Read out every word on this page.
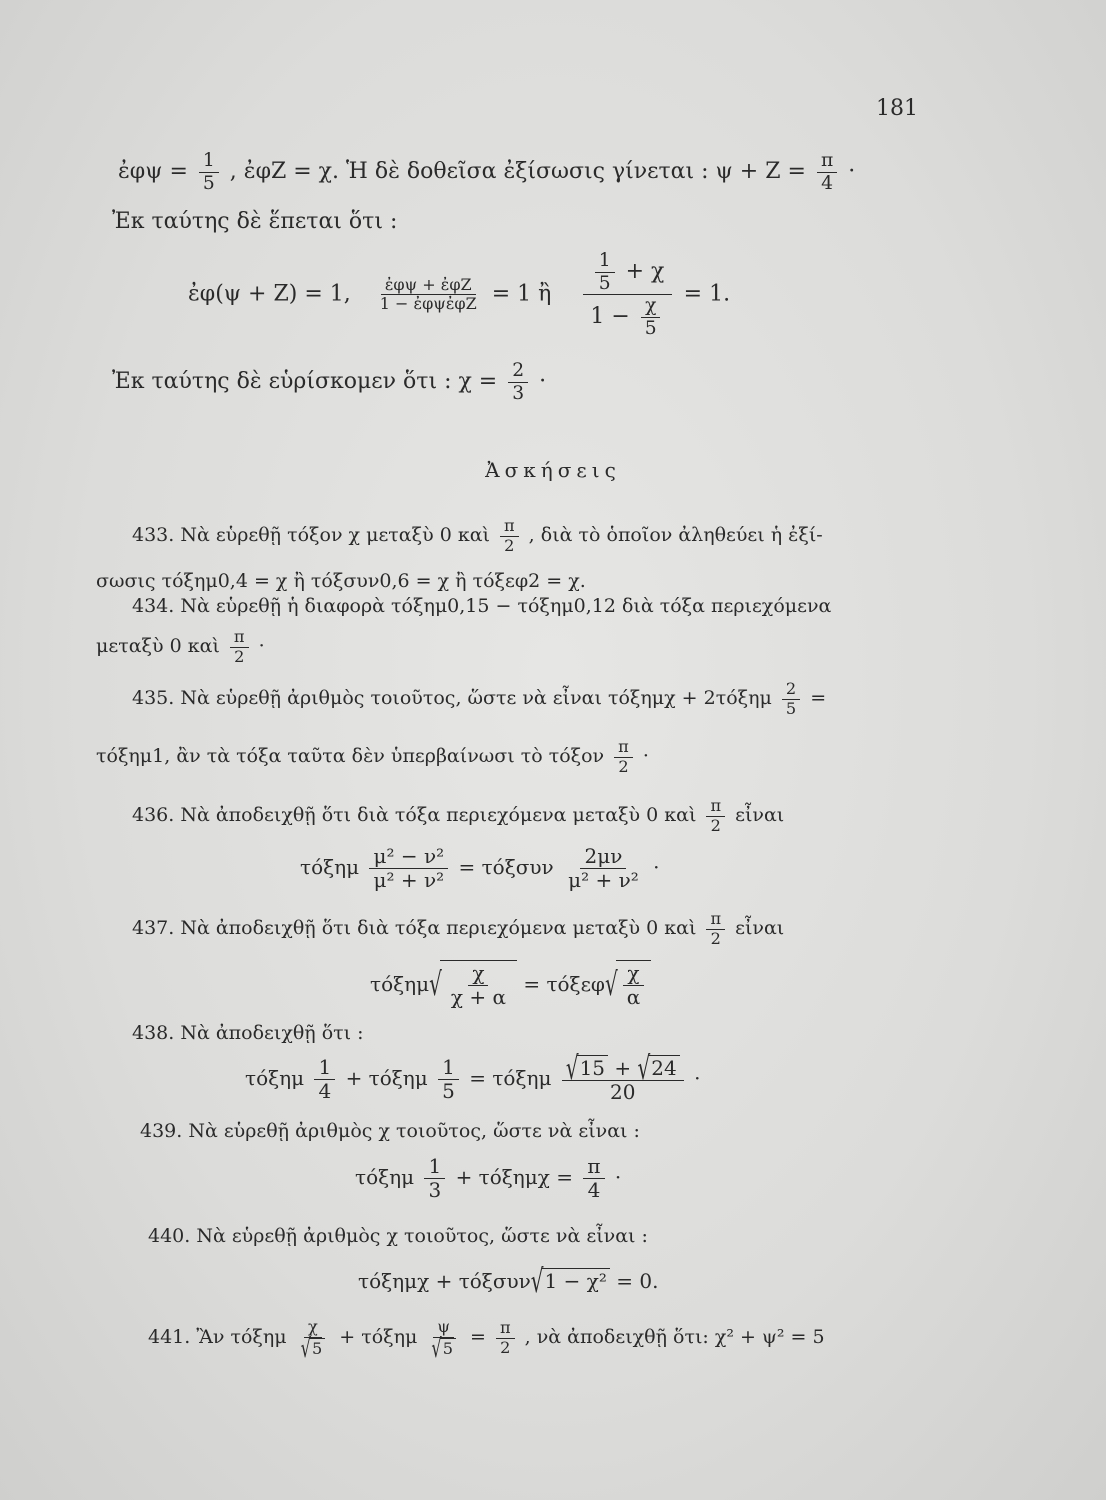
181
ἐφψ = $\frac{1}{5}$ , ἐφΖ = χ. Ἡ δὲ δοθεῖσα ἐξίσωσις γίνεται : $\psi + Z = \frac{\pi}{4}$ ·
Ἐκ ταύτης δὲ ἕπεται ὅτι :
ἐφ(ψ + Ζ) = 1, $\frac{\text{ἐφψ + ἐφΖ}}{\text{1 − ἐφψἐφΖ}} = 1$ ἢ $\frac{\frac{1}{5} + \chi}{1 - \frac{\chi}{5}} = 1$.
Ἐκ ταύτης δὲ εὑρίσκομεν ὅτι : $\chi = \frac{2}{3}$ ·
Ἀσκήσεις
433. Νὰ εὑρεθῇ τόξον χ μεταξὺ 0 καὶ $\frac{\pi}{2}$ , διὰ τὸ ὁποῖον ἀληθεύει ἡ ἐξί-
σωσις τόξημ0,4 = χ ἢ τόξσυν0,6 = χ ἢ τόξεφ2 = χ.
434. Νὰ εὑρεθῇ ἡ διαφορὰ τόξημ0,15 − τόξημ0,12 διὰ τόξα περιεχόμενα
μεταξὺ 0 καὶ $\frac{\pi}{2}$ ·
435. Νὰ εὑρεθῇ ἀριθμὸς τοιοῦτος, ὥστε νὰ εἶναι $\tau ό\xi\eta\mu\chi + 2\tau ό\xi\eta\mu \frac{2}{5}$ =
τόξημ1, ἂν τὰ τόξα ταῦτα δὲν ὑπερβαίνωσι τὸ τόξον $\frac{\pi}{2}$ ·
436. Νὰ ἀποδειχθῇ ὅτι διὰ τόξα περιεχόμενα μεταξὺ 0 καὶ $\frac{\pi}{2}$ εἶναι
τόξημ $\frac{\text{μ² − ν²}}{\text{μ² + ν²}} = \tau ό\xi\sigma\upsilon\nu \frac{2\mu\nu}{\text{μ² + ν²}}$ ·
437. Νὰ ἀποδειχθῇ ὅτι διὰ τόξα περιεχόμενα μεταξὺ 0 καὶ $\frac{\pi}{2}$ εἶναι
$\tau ό\xi\eta\mu√ \frac{\chi}{\chi + \alpha} = \tau ό\xi\varepsilon\varphi√ \frac{\chi}{\alpha}$
438. Νὰ ἀποδειχθῇ ὅτι :
τόξημ $\frac{1}{4} + \tau ό\xi\eta\mu \frac{1}{5} = \tau ό\xi\eta\mu \frac{√15 + √24}{20}$ ·
439. Νὰ εὑρεθῇ ἀριθμὸς χ τοιοῦτος, ὥστε νὰ εἶναι :
τόξημ $\frac{1}{3} + \tau ό\xi\eta\mu\chi = \frac{\pi}{4}$ ·
440. Νὰ εὑρεθῇ ἀριθμὸς χ τοιοῦτος, ὥστε νὰ εἶναι :
τόξημχ + τόξσυν√1 − χ² = 0.
441. Ἂν τόξημ $\frac{\chi}{√5} + \tau ό\xi\eta\mu \frac{\psi}{√5} = \frac{\pi}{2}$ , νὰ ἀποδειχθῇ ὅτι: χ² + ψ² = 5
